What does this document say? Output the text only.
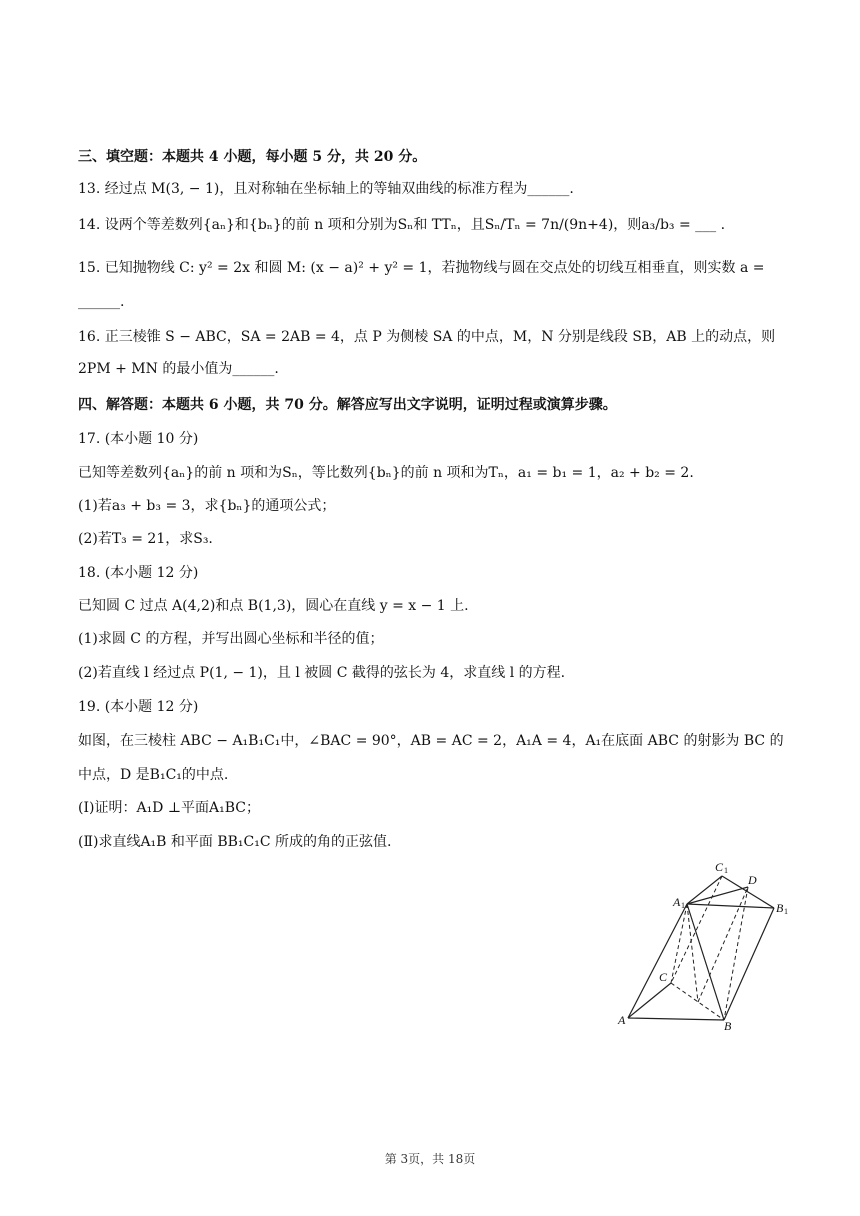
三、填空题：本题共 4 小题，每小题 5 分，共 20 分。
13. 经过点 M(3, − 1)，且对称轴在坐标轴上的等轴双曲线的标准方程为______.
14. 设两个等差数列{aₙ}和{bₙ}的前 n 项和分别为Sₙ和 TTₙ，且Sₙ/Tₙ = 7n/(9n+4)，则a₃/b₃ = ___ .
15. 已知抛物线 C: y² = 2x 和圆 M: (x − a)² + y² = 1，若抛物线与圆在交点处的切线互相垂直，则实数 a =
______.
16. 正三棱锥 S − ABC，SA = 2AB = 4，点 P 为侧棱 SA 的中点，M，N 分别是线段 SB，AB 上的动点，则
2PM + MN 的最小值为______.
四、解答题：本题共 6 小题，共 70 分。解答应写出文字说明，证明过程或演算步骤。
17. (本小题 10 分)
已知等差数列{aₙ}的前 n 项和为Sₙ，等比数列{bₙ}的前 n 项和为Tₙ，a₁ = b₁ = 1，a₂ + b₂ = 2.
(1)若a₃ + b₃ = 3，求{bₙ}的通项公式；
(2)若T₃ = 21，求S₃.
18. (本小题 12 分)
已知圆 C 过点 A(4,2)和点 B(1,3)，圆心在直线 y = x − 1 上.
(1)求圆 C 的方程，并写出圆心坐标和半径的值；
(2)若直线 l 经过点 P(1, − 1)，且 l 被圆 C 截得的弦长为 4，求直线 l 的方程.
19. (本小题 12 分)
如图，在三棱柱 ABC − A₁B₁C₁中，∠BAC = 90°，AB = AC = 2，A₁A = 4，A₁在底面 ABC 的射影为 BC 的
中点，D 是B₁C₁的中点.
(Ⅰ)证明：A₁D ⊥平面A₁BC；
(Ⅱ)求直线A₁B 和平面 BB₁C₁C 所成的角的正弦值.
C 1
D
A 1	B 1
C
A	B
第 3页，共 18页
